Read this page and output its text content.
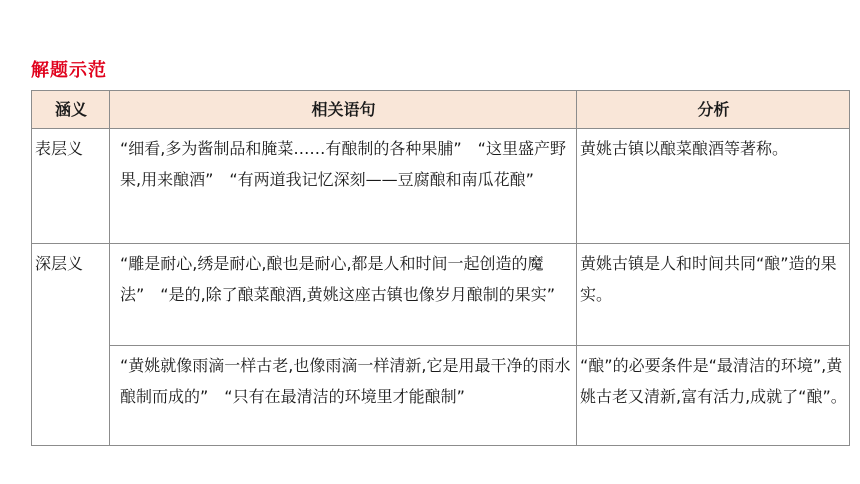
解题示范
涵义	相关语句	分析
表层义	“细看,多为酱制品和腌菜……有酿制的各种果脯”　“这里盛产野果,用来酿酒”　“有两道我记忆深刻——豆腐酿和南瓜花酿”	黄姚古镇以酿菜酿酒等著称。
深层义	“雕是耐心,绣是耐心,酿也是耐心,都是人和时间一起创造的魔法”　“是的,除了酿菜酿酒,黄姚这座古镇也像岁月酿制的果实”	黄姚古镇是人和时间共同“酿”造的果实。
	“黄姚就像雨滴一样古老,也像雨滴一样清新,它是用最干净的雨水酿制而成的”　“只有在最清洁的环境里才能酿制”	“酿”的必要条件是“最清洁的环境”,黄姚古老又清新,富有活力,成就了“酿”。
